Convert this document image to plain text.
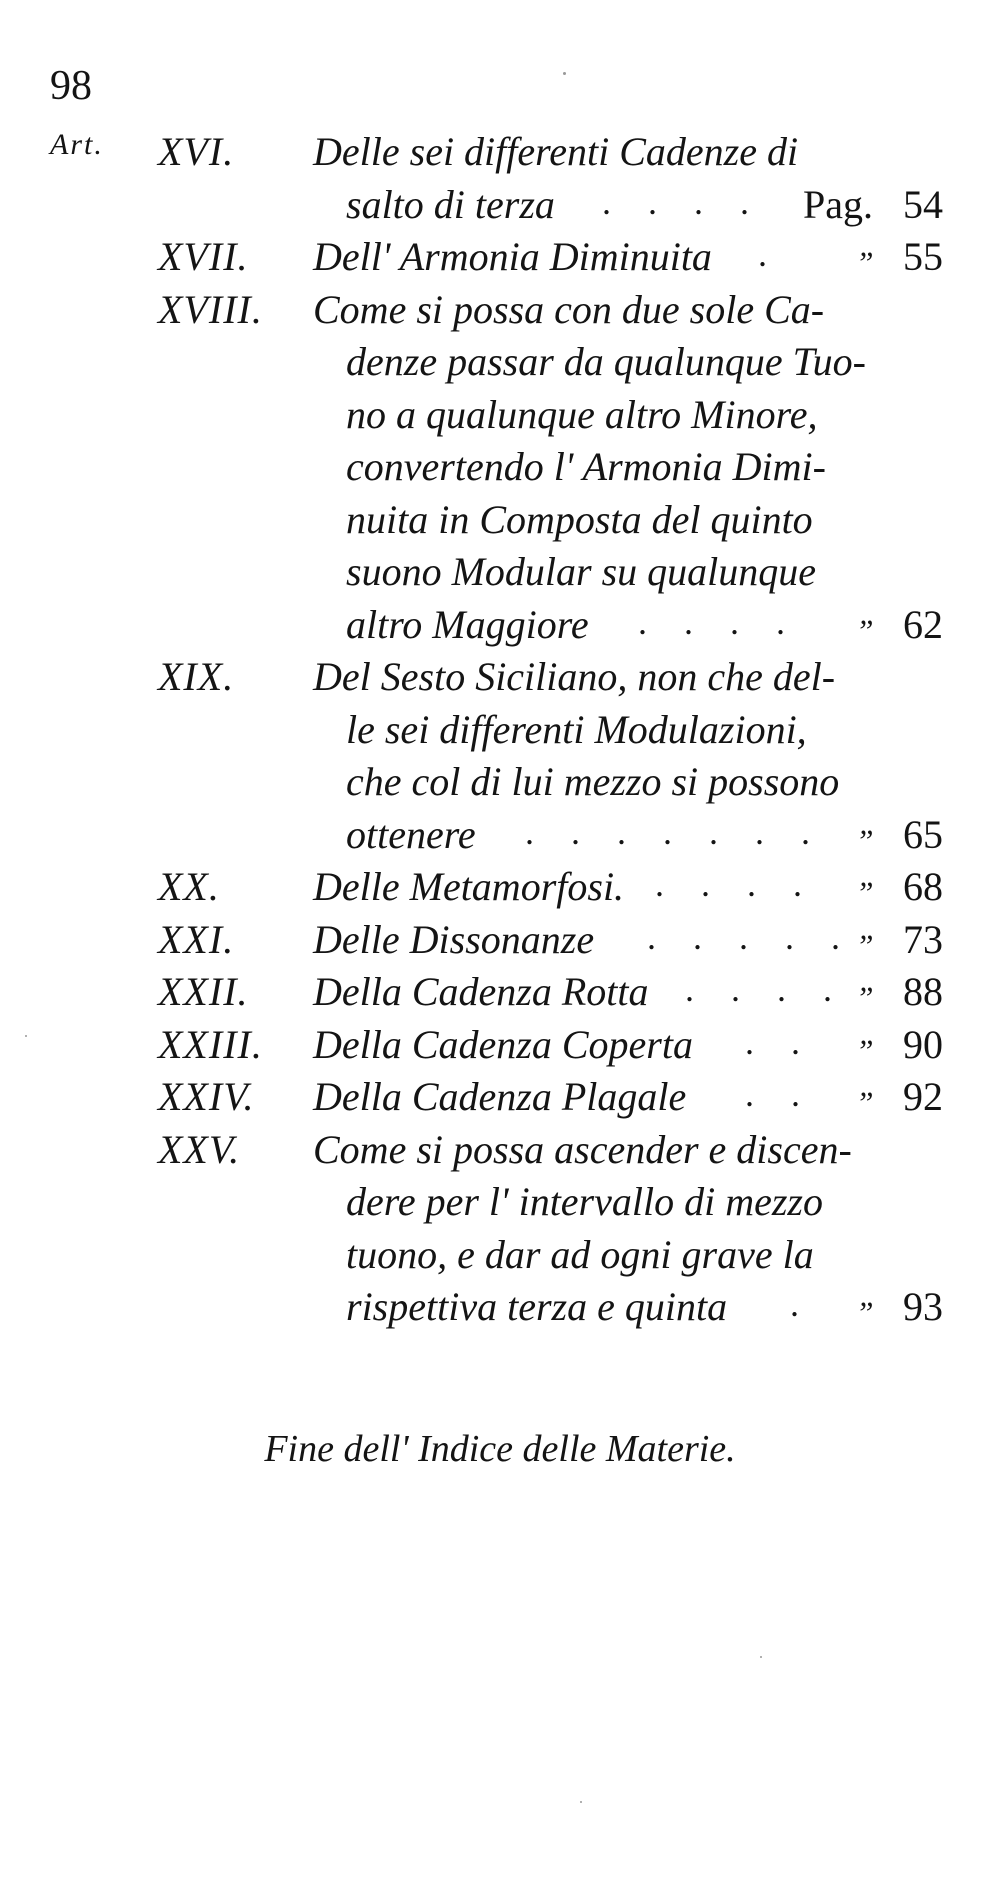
98
Art. XVI. Delle sei differenti Cadenze di
salto di terza . . . . Pag. 54
XVII. Dell' Armonia Diminuita . „ 55
XVIII. Come si possa con due sole Ca-
denze passar da qualunque Tuo-
no a qualunque altro Minore,
convertendo l' Armonia Dimi-
nuita in Composta del quinto
suono Modular su qualunque
altro Maggiore . . . . „ 62
XIX. Del Sesto Siciliano, non che del-
le sei differenti Modulazioni,
che col di lui mezzo si possono
ottenere . . . . . . . „ 65
XX. Delle Metamorfosi. . . . . „ 68
XXI. Delle Dissonanze . . . . . „ 73
XXII. Della Cadenza Rotta . . . . „ 88
XXIII. Della Cadenza Coperta . . „ 90
XXIV. Della Cadenza Plagale . . „ 92
XXV. Come si possa ascender e discen-
dere per l' intervallo di mezzo
tuono, e dar ad ogni grave la
rispettiva terza e quinta . „ 93
Fine dell' Indice delle Materie.
